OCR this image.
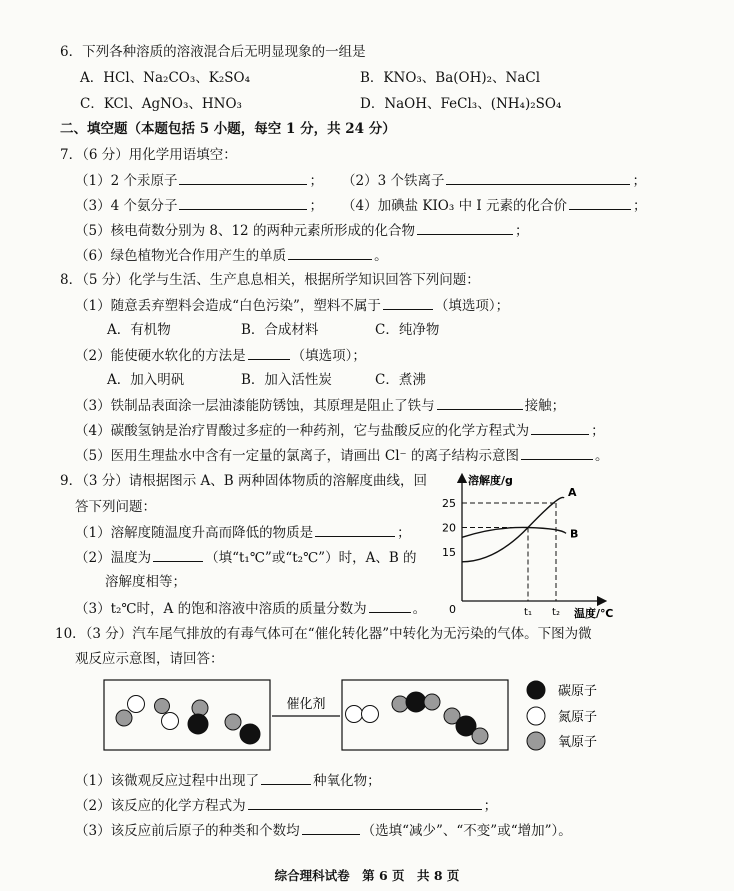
6．下列各种溶质的溶液混合后无明显现象的一组是
A．HCl、Na₂CO₃、K₂SO₄	B．KNO₃、Ba(OH)₂、NaCl
C．KCl、AgNO₃、HNO₃	D．NaOH、FeCl₃、(NH₄)₂SO₄
二、填空题（本题包括 5 小题，每空 1 分，共 24 分）
7．（6 分）用化学用语填空：
（1）2 个汞原子	； （2）3 个铁离子	；
（3）4 个氨分子	； （4）加碘盐 KIO₃ 中 I 元素的化合价	；
（5）核电荷数分别为 8、12 的两种元素所形成的化合物	；
（6）绿色植物光合作用产生的单质	。
8．（5 分）化学与生活、生产息息相关，根据所学知识回答下列问题：
（1）随意丢弃塑料会造成“白色污染”，塑料不属于	（填选项）；
A．有机物	B．合成材料	C．纯净物
（2）能使硬水软化的方法是	（填选项）；
A．加入明矾	B．加入活性炭	C．煮沸
（3）铁制品表面涂一层油漆能防锈蚀，其原理是阻止了铁与	接触；
（4）碳酸氢钠是治疗胃酸过多症的一种药剂，它与盐酸反应的化学方程式为	；
（5）医用生理盐水中含有一定量的氯离子，请画出 Cl⁻ 的离子结构示意图	。
9．（3 分）请根据图示 A、B 两种固体物质的溶解度曲线，回
答下列问题：
（1）溶解度随温度升高而降低的物质是	；
（2）温度为	（填“t₁℃”或“t₂℃”）时，A、B 的
溶解度相等；
（3）t₂℃时，A 的饱和溶液中溶质的质量分数为	。
15
20
25
t₁ t₂
0
溶解度/g
温度/℃
A
B
10．（3 分）汽车尾气排放的有毒气体可在“催化转化器”中转化为无污染的气体。下图为微
观反应示意图，请回答：
催化剂
碳原子
氮原子
氧原子
（1）该微观反应过程中出现了	种氧化物；
（2）该反应的化学方程式为	；
（3）该反应前后原子的种类和个数均	（选填“减少”、“不变”或“增加”）。
综合理科试卷　第 6 页　共 8 页
